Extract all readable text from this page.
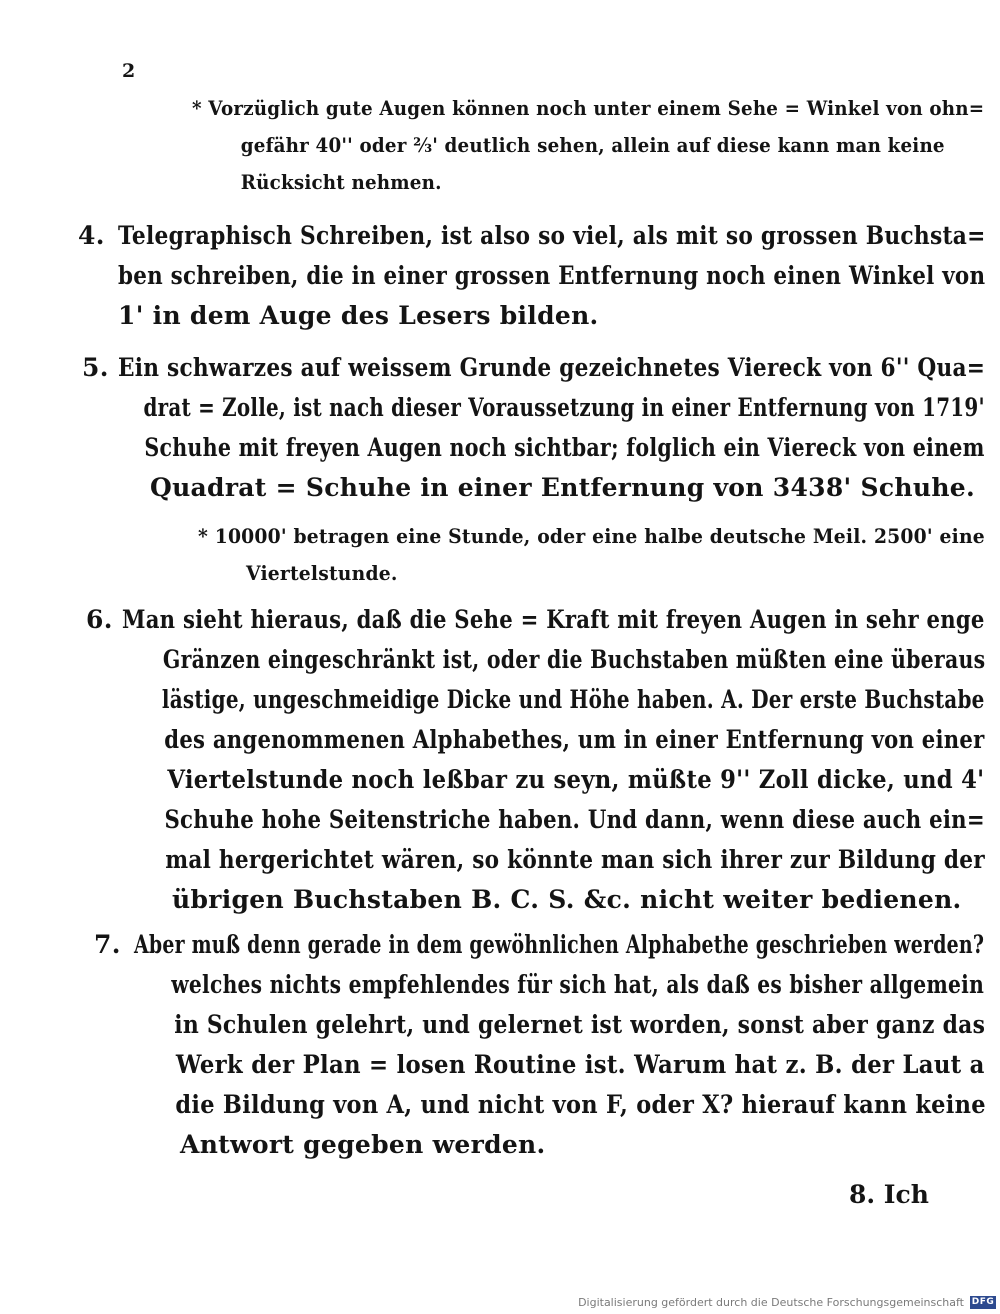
2
* Vorzüglich gute Augen können noch unter einem Sehe = Winkel von ohn=
gefähr 40'' oder ⅔' deutlich sehen, allein auf diese kann man keine
Rücksicht nehmen.
4. Telegraphisch Schreiben, ist also so viel, als mit so grossen Buchsta=
ben schreiben, die in einer grossen Entfernung noch einen Winkel von
1' in dem Auge des Lesers bilden.
5. Ein schwarzes auf weissem Grunde gezeichnetes Viereck von 6'' Qua=
drat = Zolle, ist nach dieser Voraussetzung in einer Entfernung von 1719'
Schuhe mit freyen Augen noch sichtbar; folglich ein Viereck von einem
Quadrat = Schuhe in einer Entfernung von 3438' Schuhe.
* 10000' betragen eine Stunde, oder eine halbe deutsche Meil. 2500' eine
Viertelstunde.
6. Man sieht hieraus, daß die Sehe = Kraft mit freyen Augen in sehr enge
Gränzen eingeschränkt ist, oder die Buchstaben müßten eine überaus
lästige, ungeschmeidige Dicke und Höhe haben. A. Der erste Buchstabe
des angenommenen Alphabethes, um in einer Entfernung von einer
Viertelstunde noch leßbar zu seyn, müßte 9'' Zoll dicke, und 4'
Schuhe hohe Seitenstriche haben. Und dann, wenn diese auch ein=
mal hergerichtet wären, so könnte man sich ihrer zur Bildung der
übrigen Buchstaben B. C. S. &c. nicht weiter bedienen.
7. Aber muß denn gerade in dem gewöhnlichen Alphabethe geschrieben werden?
welches nichts empfehlendes für sich hat, als daß es bisher allgemein
in Schulen gelehrt, und gelernet ist worden, sonst aber ganz das
Werk der Plan = losen Routine ist. Warum hat z. B. der Laut a
die Bildung von A, und nicht von F, oder X? hierauf kann keine
Antwort gegeben werden.
8. Ich
Digitalisierung gefördert durch die Deutsche Forschungsgemeinschaft DFG
